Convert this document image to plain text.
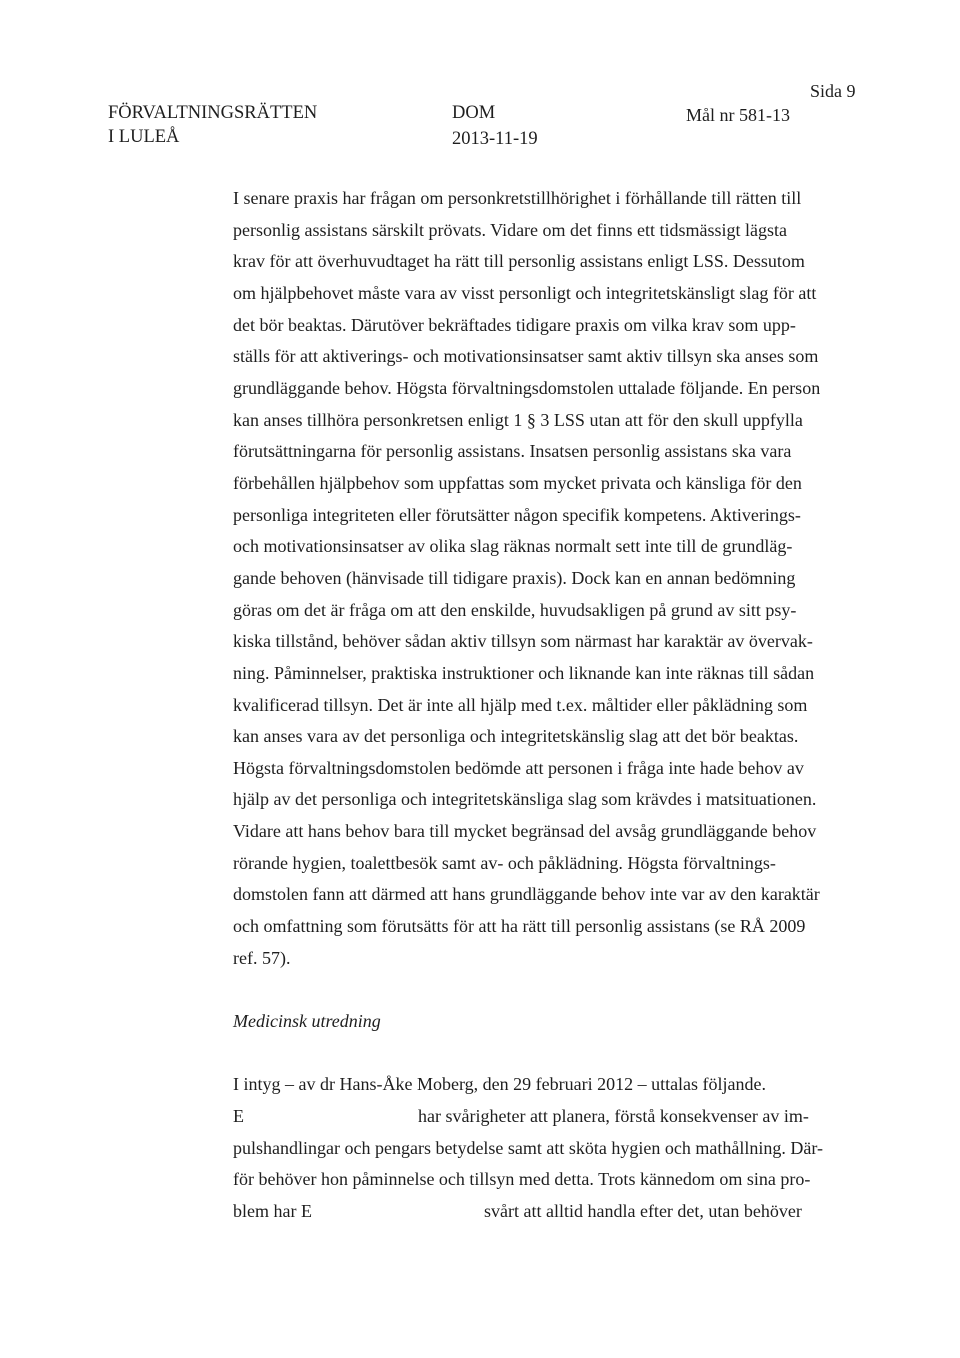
Sida 9
FÖRVALTNINGSRÄTTEN
I LULEÅ
DOM
2013-11-19
Mål nr 581-13
I senare praxis har frågan om personkretstillhörighet i förhållande till rätten till
personlig assistans särskilt prövats. Vidare om det finns ett tidsmässigt lägsta
krav för att överhuvudtaget ha rätt till personlig assistans enligt LSS. Dessutom
om hjälpbehovet måste vara av visst personligt och integritetskänsligt slag för att
det bör beaktas. Därutöver bekräftades tidigare praxis om vilka krav som upp-
ställs för att aktiverings- och motivationsinsatser samt aktiv tillsyn ska anses som
grundläggande behov. Högsta förvaltningsdomstolen uttalade följande. En person
kan anses tillhöra personkretsen enligt 1 § 3 LSS utan att för den skull uppfylla
förutsättningarna för personlig assistans. Insatsen personlig assistans ska vara
förbehållen hjälpbehov som uppfattas som mycket privata och känsliga för den
personliga integriteten eller förutsätter någon specifik kompetens. Aktiverings-
och motivationsinsatser av olika slag räknas normalt sett inte till de grundläg-
gande behoven (hänvisade till tidigare praxis). Dock kan en annan bedömning
göras om det är fråga om att den enskilde, huvudsakligen på grund av sitt psy-
kiska tillstånd, behöver sådan aktiv tillsyn som närmast har karaktär av övervak-
ning. Påminnelser, praktiska instruktioner och liknande kan inte räknas till sådan
kvalificerad tillsyn. Det är inte all hjälp med t.ex. måltider eller påklädning som
kan anses vara av det personliga och integritetskänslig slag att det bör beaktas.
Högsta förvaltningsdomstolen bedömde att personen i fråga inte hade behov av
hjälp av det personliga och integritetskänsliga slag som krävdes i matsituationen.
Vidare att hans behov bara till mycket begränsad del avsåg grundläggande behov
rörande hygien, toalettbesök samt av- och påklädning. Högsta förvaltnings-
domstolen fann att därmed att hans grundläggande behov inte var av den karaktär
och omfattning som förutsätts för att ha rätt till personlig assistans (se RÅ 2009
ref. 57).
Medicinsk utredning
I intyg – av dr Hans-Åke Moberg, den 29 februari 2012 – uttalas följande.
E	har svårigheter att planera, förstå konsekvenser av im-
pulshandlingar och pengars betydelse samt att sköta hygien och mathållning. Där-
för behöver hon påminnelse och tillsyn med detta. Trots kännedom om sina pro-
blem har E	svårt att alltid handla efter det, utan behöver
